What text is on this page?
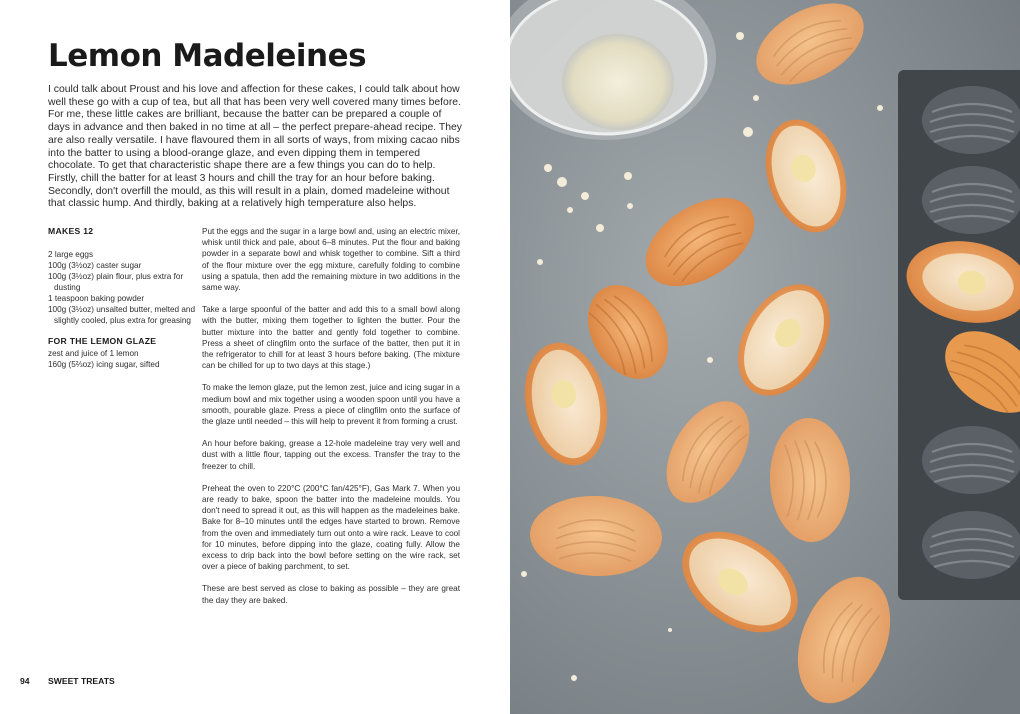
Lemon Madeleines

I could talk about Proust and his love and affection for these cakes, I could talk about how well these go with a cup of tea, but all that has been very well covered many times before. For me, these little cakes are brilliant, because the batter can be prepared a couple of days in advance and then baked in no time at all – the perfect prepare-ahead recipe. They are also really versatile. I have flavoured them in all sorts of ways, from mixing cacao nibs into the batter to using a blood-orange glaze, and even dipping them in tempered chocolate. To get that characteristic shape there are a few things you can do to help. Firstly, chill the batter for at least 3 hours and chill the tray for an hour before baking. Secondly, don't overfill the mould, as this will result in a plain, domed madeleine without that classic hump. And thirdly, baking at a relatively high temperature also helps.

MAKES 12
2 large eggs
100g (3½oz) caster sugar
100g (3½oz) plain flour, plus extra for dusting
1 teaspoon baking powder
100g (3½oz) unsalted butter, melted and slightly cooled, plus extra for greasing
FOR THE LEMON GLAZE
zest and juice of 1 lemon
160g (5⅔oz) icing sugar, sifted

Put the eggs and the sugar in a large bowl and, using an electric mixer, whisk until thick and pale, about 6–8 minutes. Put the flour and baking powder in a separate bowl and whisk together to combine. Sift a third of the flour mixture over the egg mixture, carefully folding to combine using a spatula, then add the remaining mixture in two additions in the same way.

Take a large spoonful of the batter and add this to a small bowl along with the butter, mixing them together to lighten the butter. Pour the butter mixture into the batter and gently fold together to combine. Press a sheet of clingfilm onto the surface of the batter, then put it in the refrigerator to chill for at least 3 hours before baking. (The mixture can be chilled for up to two days at this stage.)

To make the lemon glaze, put the lemon zest, juice and icing sugar in a medium bowl and mix together using a wooden spoon until you have a smooth, pourable glaze. Press a piece of clingfilm onto the surface of the glaze until needed – this will help to prevent it from forming a crust.

An hour before baking, grease a 12-hole madeleine tray very well and dust with a little flour, tapping out the excess. Transfer the tray to the freezer to chill.

Preheat the oven to 220°C (200°C fan/425°F), Gas Mark 7. When you are ready to bake, spoon the batter into the madeleine moulds. You don't need to spread it out, as this will happen as the madeleines bake. Bake for 8–10 minutes until the edges have started to brown. Remove from the oven and immediately turn out onto a wire rack. Leave to cool for 10 minutes, before dipping into the glaze, coating fully. Allow the excess to drip back into the bowl before setting on the wire rack, set over a piece of baking parchment, to set.

These are best served as close to baking as possible – they are great the day they are baked.

94 SWEET TREATS
